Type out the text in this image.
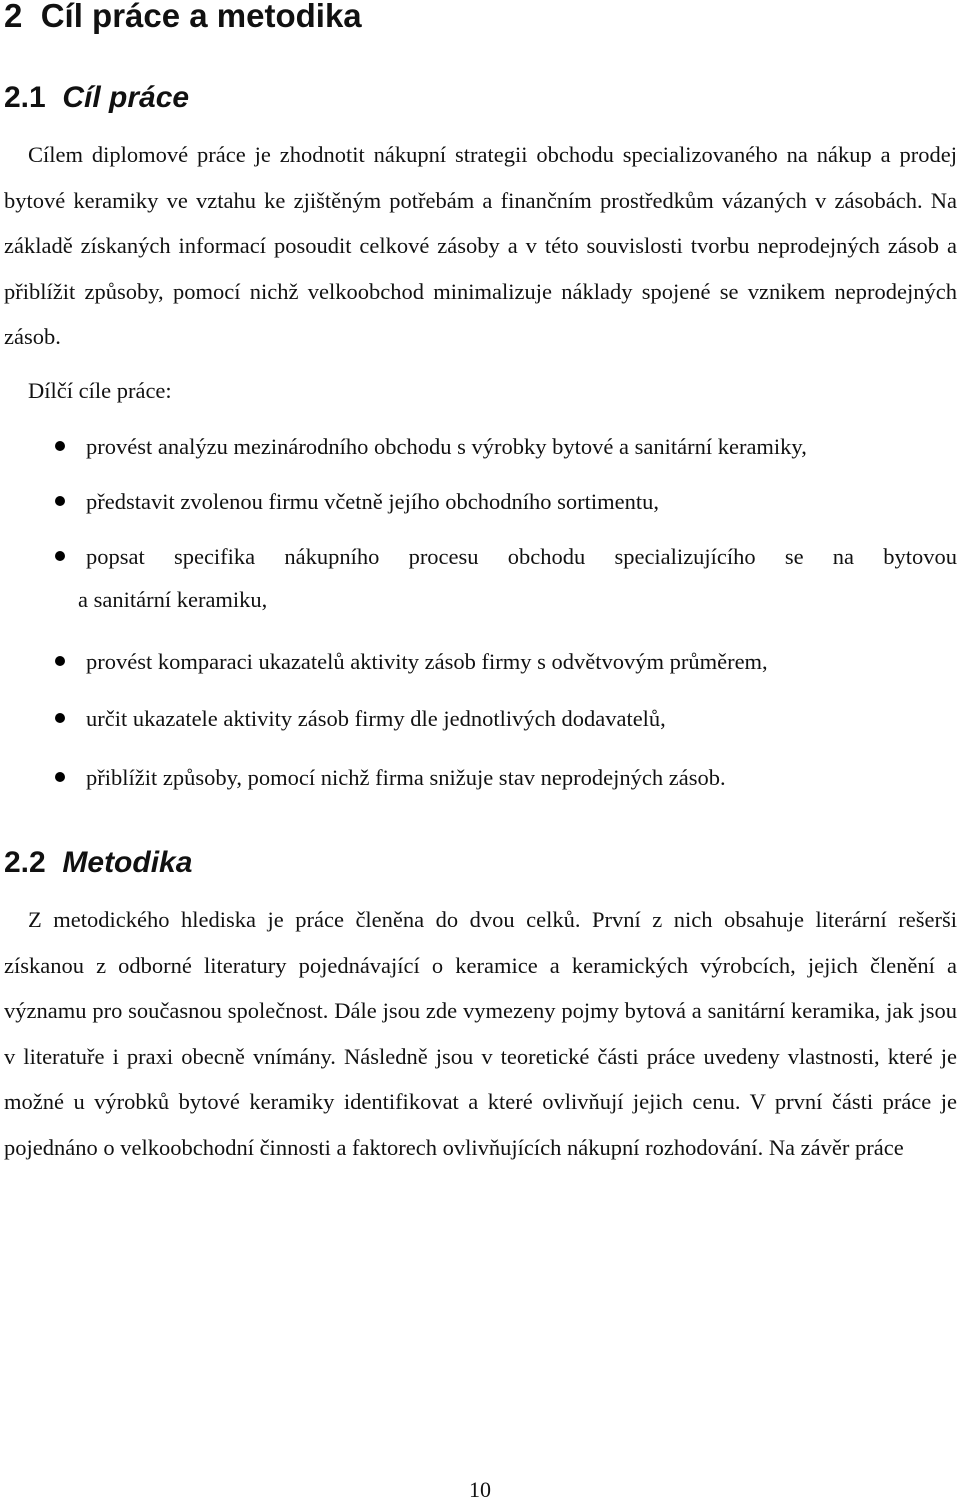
2 Cíl práce a metodika
2.1 Cíl práce

Cílem diplomové práce je zhodnotit nákupní strategii obchodu specializovaného na nákup a prodej bytové keramiky ve vztahu ke zjištěným potřebám a finančním prostředkům vázaných v zásobách. Na základě získaných informací posoudit celkové zásoby a v této souvislosti tvorbu neprodejných zásob a přiblížit způsoby, pomocí nichž velkoobchod minimalizuje náklady spojené se vznikem neprodejných zásob.

Dílčí cíle práce:

provést analýzu mezinárodního obchodu s výrobky bytové a sanitární keramiky,
představit zvolenou firmu včetně jejího obchodního sortimentu,
popsat specifika nákupního procesu obchodu specializujícího se na bytovou
a sanitární keramiku,
provést komparaci ukazatelů aktivity zásob firmy s odvětvovým průměrem,
určit ukazatele aktivity zásob firmy dle jednotlivých dodavatelů,
přiblížit způsoby, pomocí nichž firma snižuje stav neprodejných zásob.
2.2 Metodika

Z metodického hlediska je práce členěna do dvou celků. První z nich obsahuje literární rešerši získanou z odborné literatury pojednávající o keramice a keramických výrobcích, jejich členění a významu pro současnou společnost. Dále jsou zde vymezeny pojmy bytová a sanitární keramika, jak jsou v literatuře i praxi obecně vnímány. Následně jsou v teoretické části práce uvedeny vlastnosti, které je možné u výrobků bytové keramiky identifikovat a které ovlivňují jejich cenu. V první části práce je pojednáno o velkoobchodní činnosti a faktorech ovlivňujících nákupní rozhodování. Na závěr práce

10
